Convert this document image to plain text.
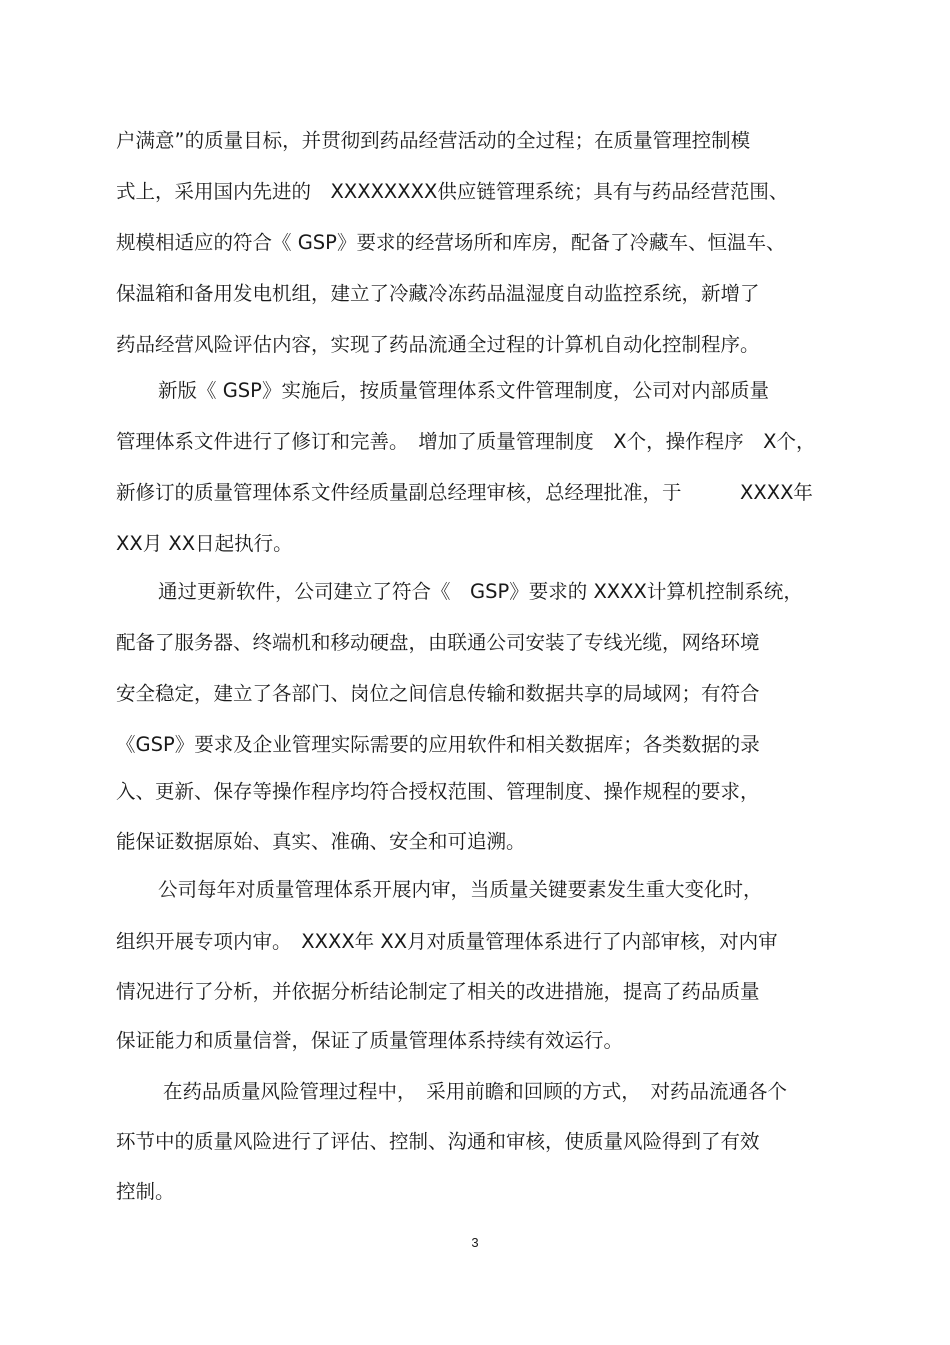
户满意”的质量目标，并贯彻到药品经营活动的全过程；在质量管理控制模
式上，采用国内先进的　XXXXXXXX供应链管理系统；具有与药品经营范围、
规模相适应的符合《 GSP》要求的经营场所和库房，配备了冷藏车、恒温车、
保温箱和备用发电机组，建立了冷藏冷冻药品温湿度自动监控系统，新增了
药品经营风险评估内容，实现了药品流通全过程的计算机自动化控制程序。
新版《 GSP》实施后，按质量管理体系文件管理制度，公司对内部质量
管理体系文件进行了修订和完善。　增加了质量管理制度　X个，操作程序　X个，
新修订的质量管理体系文件经质量副总经理审核，总经理批准，于　　　XXXX年
XX月 XX日起执行。
通过更新软件，公司建立了符合《　GSP》要求的 XXXX计算机控制系统，
配备了服务器、终端机和移动硬盘，由联通公司安装了专线光缆，网络环境
安全稳定，建立了各部门、岗位之间信息传输和数据共享的局域网；有符合
《GSP》要求及企业管理实际需要的应用软件和相关数据库；各类数据的录
入、更新、保存等操作程序均符合授权范围、管理制度、操作规程的要求，
能保证数据原始、真实、准确、安全和可追溯。
公司每年对质量管理体系开展内审，当质量关键要素发生重大变化时，
组织开展专项内审。　XXXX年 XX月对质量管理体系进行了内部审核，对内审
情况进行了分析，并依据分析结论制定了相关的改进措施，提高了药品质量
保证能力和质量信誉，保证了质量管理体系持续有效运行。
在药品质量风险管理过程中，　采用前瞻和回顾的方式，　对药品流通各个
环节中的质量风险进行了评估、控制、沟通和审核，使质量风险得到了有效
控制。
3
